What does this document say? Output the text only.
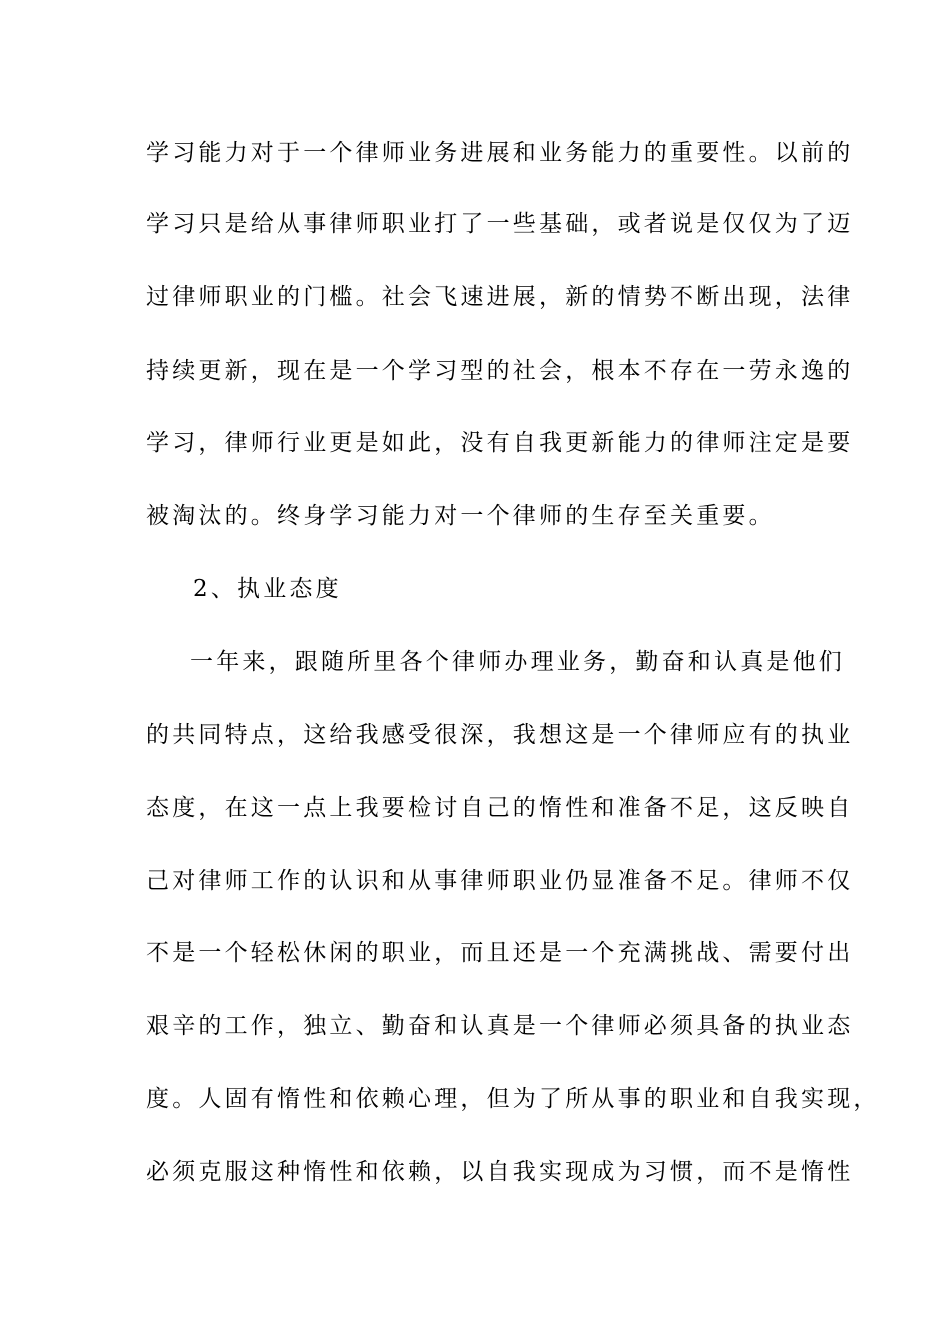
学习能力对于一个律师业务进展和业务能力的重要性。以前的
学习只是给从事律师职业打了一些基础，或者说是仅仅为了迈
过律师职业的门槛。社会飞速进展，新的情势不断出现，法律
持续更新，现在是一个学习型的社会，根本不存在一劳永逸的
学习，律师行业更是如此，没有自我更新能力的律师注定是要
被淘汰的。终身学习能力对一个律师的生存至关重要。
2、执业态度
一年来，跟随所里各个律师办理业务，勤奋和认真是他们
的共同特点，这给我感受很深，我想这是一个律师应有的执业
态度，在这一点上我要检讨自己的惰性和准备不足，这反映自
己对律师工作的认识和从事律师职业仍显准备不足。律师不仅
不是一个轻松休闲的职业，而且还是一个充满挑战、需要付出
艰辛的工作，独立、勤奋和认真是一个律师必须具备的执业态
度。人固有惰性和依赖心理，但为了所从事的职业和自我实现，
必须克服这种惰性和依赖，以自我实现成为习惯，而不是惰性
